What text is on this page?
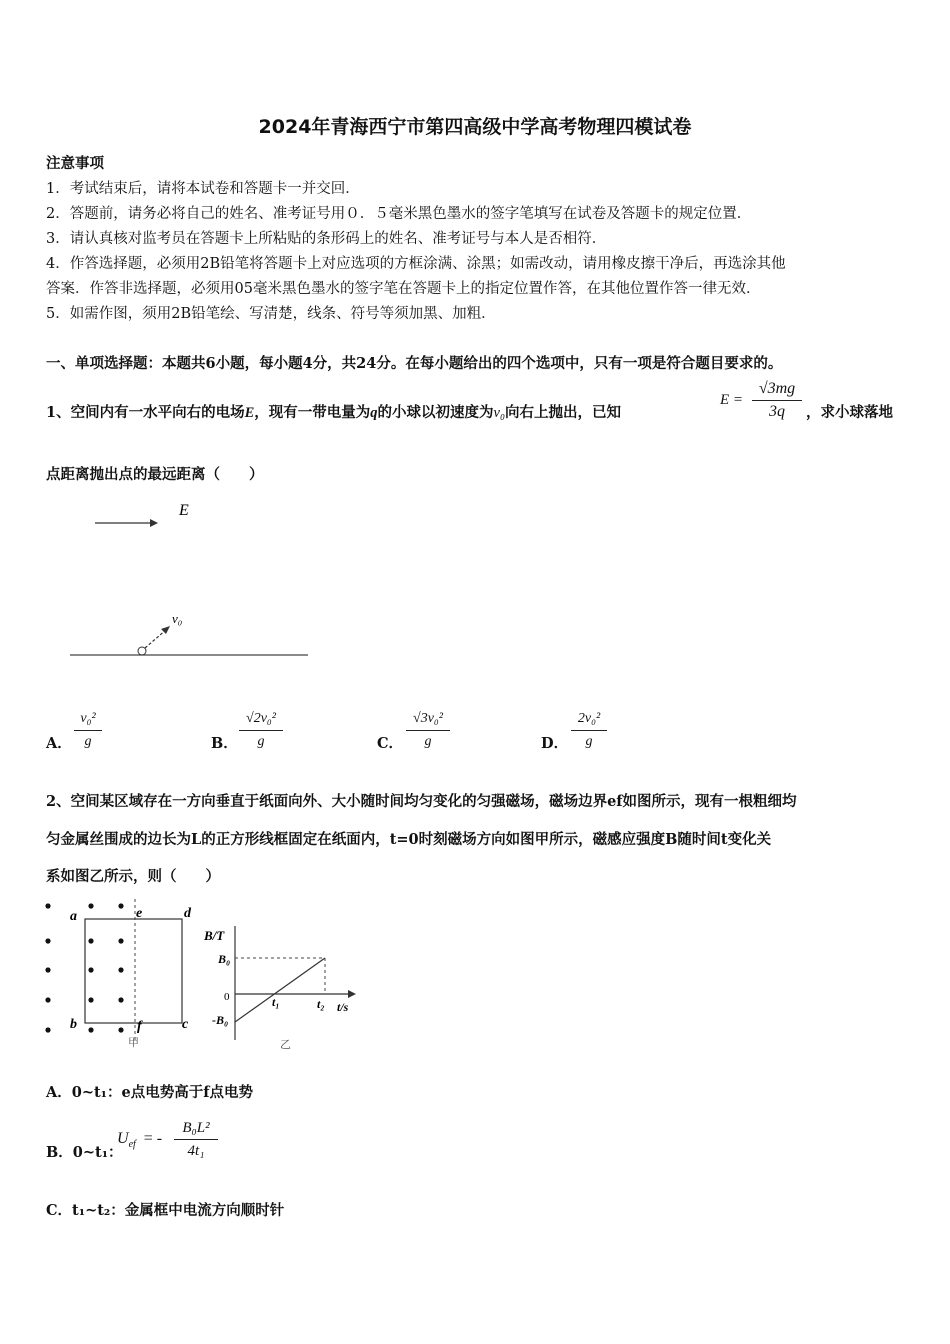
2024年青海西宁市第四高级中学高考物理四模试卷
注意事项
1．考试结束后，请将本试卷和答题卡一并交回．
2．答题前，请务必将自己的姓名、准考证号用０．５毫米黑色墨水的签字笔填写在试卷及答题卡的规定位置．
3．请认真核对监考员在答题卡上所粘贴的条形码上的姓名、准考证号与本人是否相符．
4．作答选择题，必须用2B铅笔将答题卡上对应选项的方框涂满、涂黑；如需改动，请用橡皮擦干净后，再选涂其他
答案．作答非选择题，必须用05毫米黑色墨水的签字笔在答题卡上的指定位置作答，在其他位置作答一律无效．
5．如需作图，须用2B铅笔绘、写清楚，线条、符号等须加黑、加粗．
一、单项选择题：本题共6小题，每小题4分，共24分。在每小题给出的四个选项中，只有一项是符合题目要求的。
1、空间内有一水平向右的电场E，现有一带电量为q的小球以初速度为v₀向右上抛出，已知
$E = \frac{√3mg}{3q}$ ，求小球落地
点距离抛出点的最远距离（　　）
E
v₀
A． $\frac{\text{v₀²}}{g}$	B． $\frac{\text{√2v₀²}}{g}$	C． $\frac{\text{√3v₀²}}{g}$	D． $\frac{\text{2v₀²}}{g}$
2、空间某区域存在一方向垂直于纸面向外、大小随时间均匀变化的匀强磁场，磁场边界ef如图所示，现有一根粗细均
匀金属丝围成的边长为L的正方形线框固定在纸面内，t=0时刻磁场方向如图甲所示，磁感应强度B随时间t变化关
系如图乙所示，则（　　）
a	e	d
b	f	c
甲
B/T
B₀
0
-B₀
t₁	t₂ t/s
乙
A．0~t₁：e点电势高于f点电势
B．0~t₁：
$U_{ef}$ = - $\frac{\text{B₀L²}}{\text{4t₁}}$
C．t₁~t₂：金属框中电流方向顺时针
